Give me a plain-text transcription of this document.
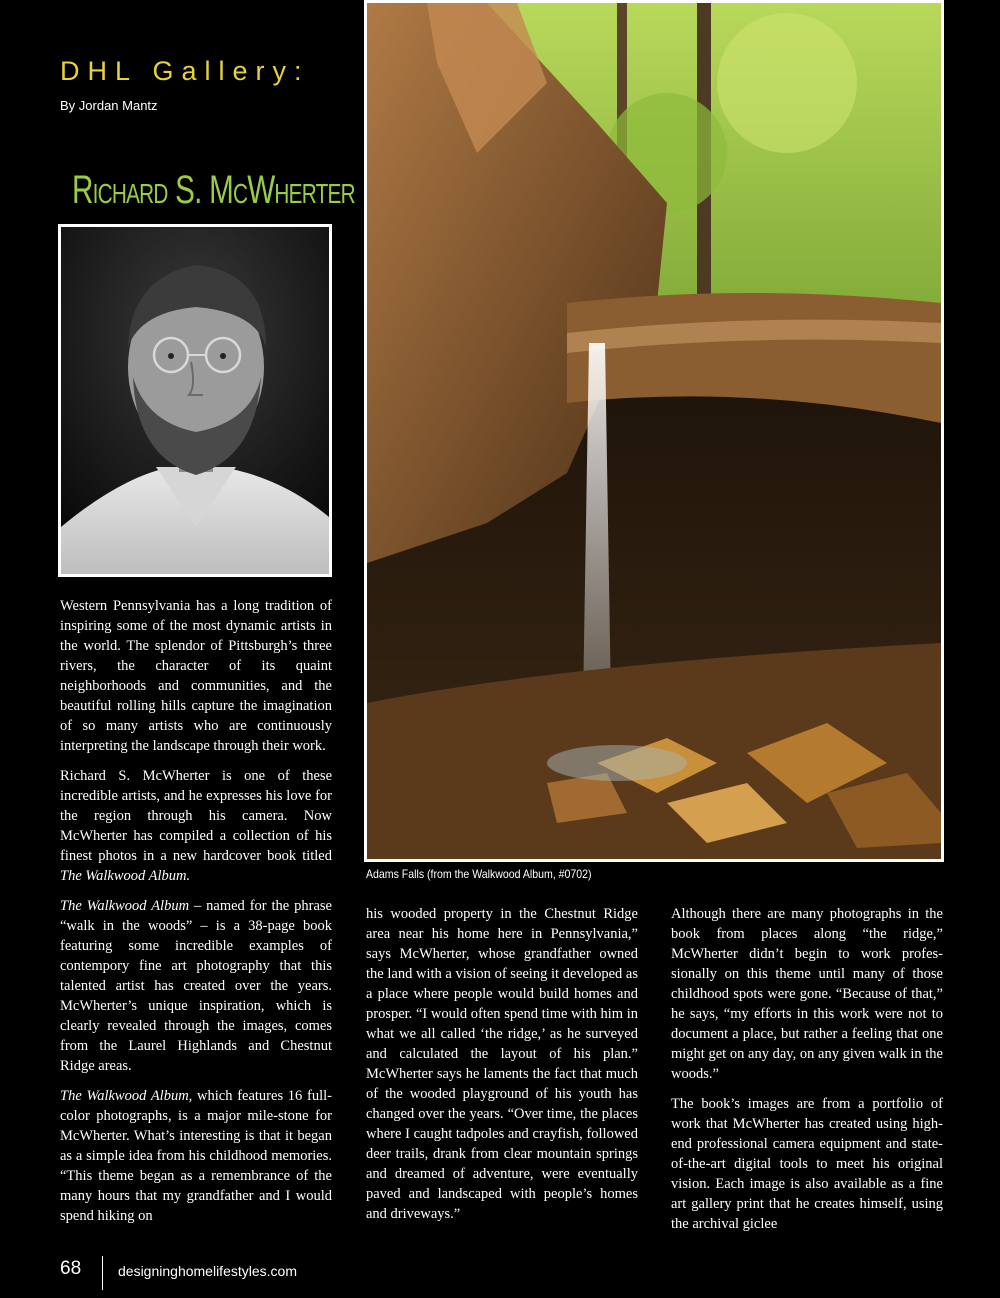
DHL Gallery:
By Jordan Mantz
Richard S. McWherter
Adams Falls (from the Walkwood Album, #0702)

Western Pennsylvania has a long tradition of inspiring some of the most dynamic artists in the world. The splendor of Pittsburgh’s three rivers, the character of its quaint neighborhoods and communities, and the beautiful rolling hills capture the imagination of so many artists who are continuously interpreting the landscape through their work.

Richard S. McWherter is one of these incredible artists, and he expresses his love for the region through his camera. Now McWherter has compiled a collection of his finest photos in a new hardcover book titled The Walkwood Album.

The Walkwood Album – named for the phrase “walk in the woods” – is a 38-page book featuring some incredible examples of contempory fine art photography that this talented artist has created over the years. McWherter’s unique inspiration, which is clearly revealed through the images, comes from the Laurel Highlands and Chestnut Ridge areas.

The Walkwood Album, which features 16 full-color photographs, is a major mile-stone for McWherter. What’s interesting is that it began as a simple idea from his childhood memories. “This theme began as a remembrance of the many hours that my grandfather and I would spend hiking on

his wooded property in the Chestnut Ridge area near his home here in Pennsylvania,” says McWherter, whose grandfather owned the land with a vision of seeing it developed as a place where people would build homes and prosper. “I would often spend time with him in what we all called ‘the ridge,’ as he surveyed and calculated the layout of his plan.” McWherter says he laments the fact that much of the wooded playground of his youth has changed over the years. “Over time, the places where I caught tadpoles and crayfish, followed deer trails, drank from clear mountain springs and dreamed of adventure, were eventually paved and landscaped with people’s homes and driveways.”

Although there are many photographs in the book from places along “the ridge,” McWherter didn’t begin to work profes-sionally on this theme until many of those childhood spots were gone. “Because of that,” he says, “my efforts in this work were not to document a place, but rather a feeling that one might get on any day, on any given walk in the woods.”

The book’s images are from a portfolio of work that McWherter has created using high-end professional camera equipment and state-of-the-art digital tools to meet his original vision. Each image is also available as a fine art gallery print that he creates himself, using the archival giclee

68	designinghomelifestyles.com
